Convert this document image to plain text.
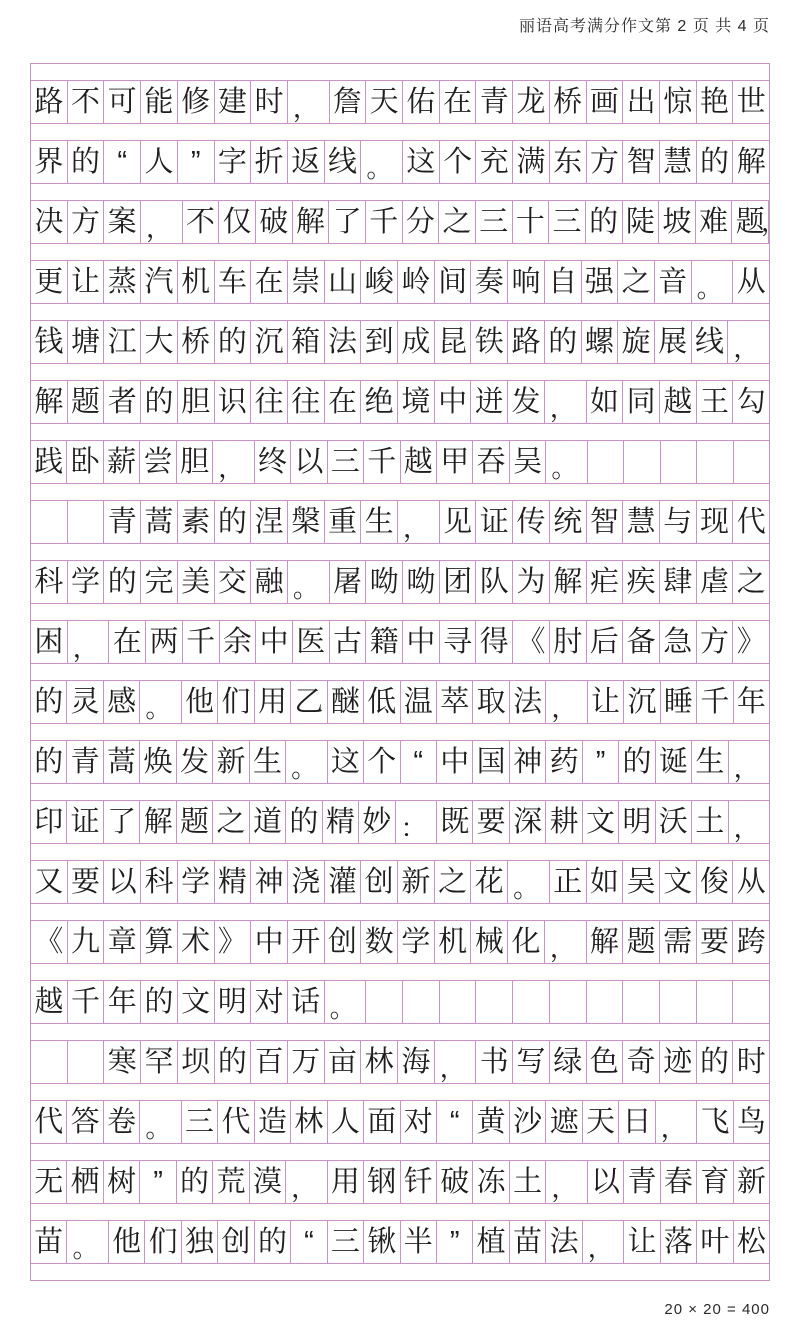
丽语高考满分作文第 2 页 共 4 页
路 不 可 能 修 建 时 ， 詹 天 佑 在 青 龙 桥 画 出 惊 艳 世
界 的 “ 人 ” 字 折 返 线 。 这 个 充 满 东 方 智 慧 的 解
决 方 案 ， 不 仅 破 解 了 千 分 之 三 十 三 的 陡 坡 难 题
，
更 让 蒸 汽 机 车 在 崇 山 峻 岭 间 奏 响 自 强 之 音 。 从
钱 塘 江 大 桥 的 沉 箱 法 到 成 昆 铁 路 的 螺 旋 展 线 ，
解 题 者 的 胆 识 往 往 在 绝 境 中 迸 发 ， 如 同 越 王 勾
践 卧 薪 尝 胆 ， 终 以 三 千 越 甲 吞 吴 。
青 蒿 素 的 涅 槃 重 生 ， 见 证 传 统 智 慧 与 现 代
科 学 的 完 美 交 融 。 屠 呦 呦 团 队 为 解 疟 疾 肆 虐 之
困 ， 在 两 千 余 中 医 古 籍 中 寻 得 《 肘 后 备 急 方 》
的 灵 感 。 他 们 用 乙 醚 低 温 萃 取 法 ， 让 沉 睡 千 年
的 青 蒿 焕 发 新 生 。 这 个 “ 中 国 神 药 ” 的 诞 生 ，
印 证 了 解 题 之 道 的 精 妙 ： 既 要 深 耕 文 明 沃 土 ，
又 要 以 科 学 精 神 浇 灌 创 新 之 花 。 正 如 吴 文 俊 从
《 九 章 算 术 》 中 开 创 数 学 机 械 化 ， 解 题 需 要 跨
越 千 年 的 文 明 对 话 。
寒 罕 坝 的 百 万 亩 林 海 ， 书 写 绿 色 奇 迹 的 时
代 答 卷 。 三 代 造 林 人 面 对 “ 黄 沙 遮 天 日 ， 飞 鸟
无 栖 树 ” 的 荒 漠 ， 用 钢 钎 破 冻 土 ， 以 青 春 育 新
苗 。 他 们 独 创 的 “ 三 锹 半 ” 植 苗 法 ， 让 落 叶 松
20 × 20 = 400
